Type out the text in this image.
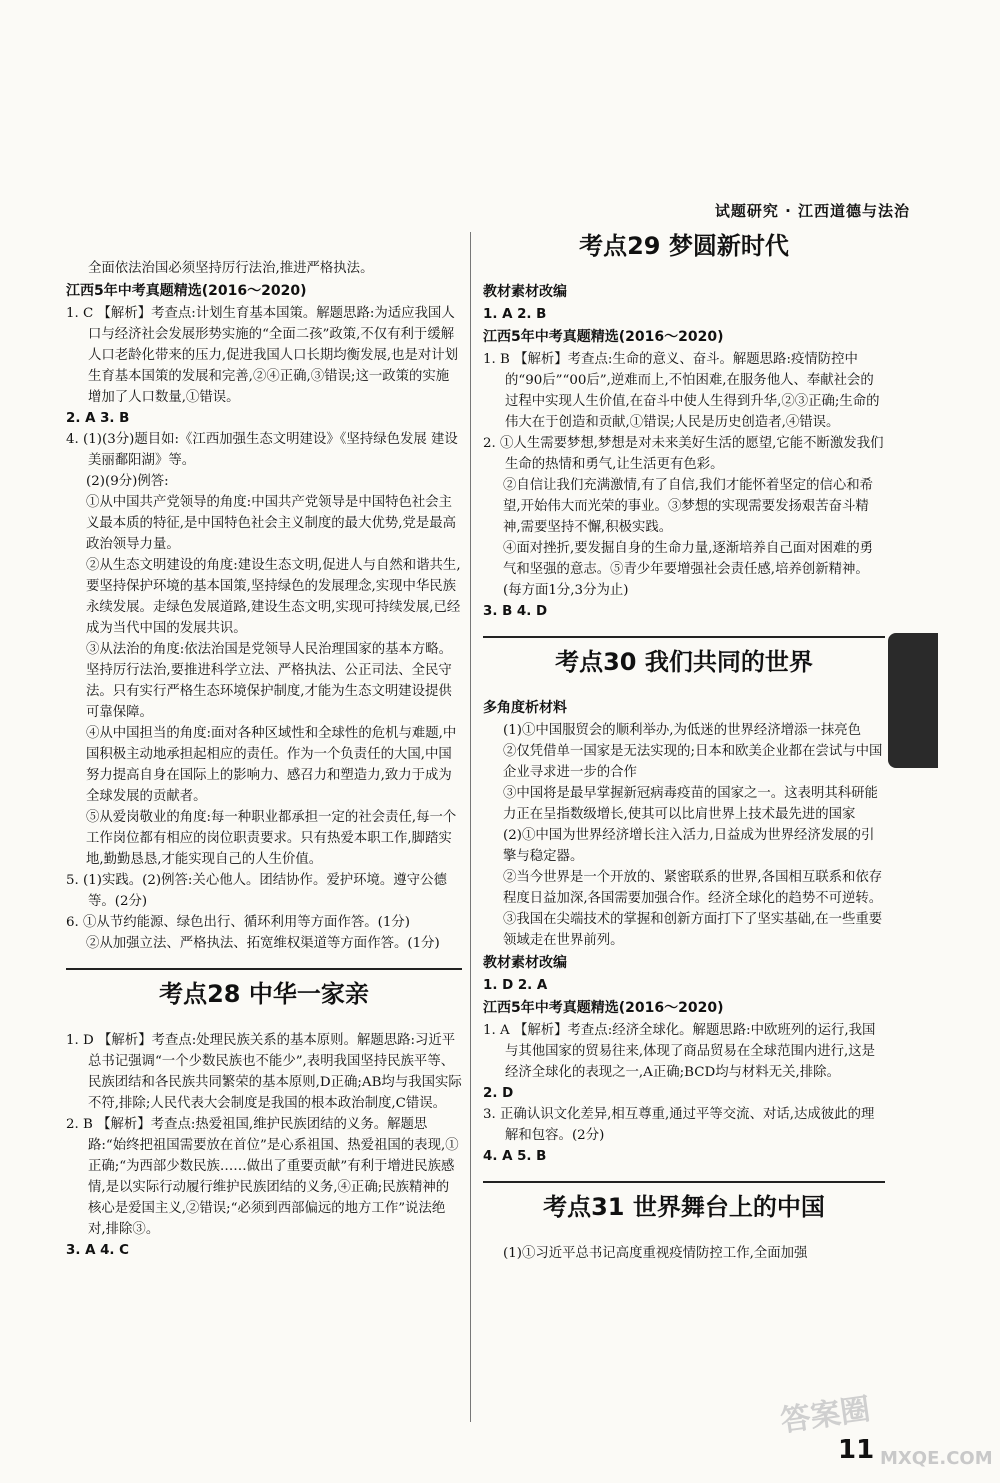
试题研究 · 江西道德与法治

全面依法治国必须坚持厉行法治,推进严格执法。

江西5年中考真题精选(2016～2020)

1. C 【解析】考查点:计划生育基本国策。解题思路:为适应我国人口与经济社会发展形势实施的“全面二孩”政策,不仅有利于缓解人口老龄化带来的压力,促进我国人口长期均衡发展,也是对计划生育基本国策的发展和完善,②④正确,③错误;这一政策的实施增加了人口数量,①错误。

2. A 3. B

4. (1)(3分)题目如:《江西加强生态文明建设》《坚持绿色发展 建设美丽鄱阳湖》等。

(2)(9分)例答:

①从中国共产党领导的角度:中国共产党领导是中国特色社会主义最本质的特征,是中国特色社会主义制度的最大优势,党是最高政治领导力量。

②从生态文明建设的角度:建设生态文明,促进人与自然和谐共生,要坚持保护环境的基本国策,坚持绿色的发展理念,实现中华民族永续发展。走绿色发展道路,建设生态文明,实现可持续发展,已经成为当代中国的发展共识。

③从法治的角度:依法治国是党领导人民治理国家的基本方略。坚持厉行法治,要推进科学立法、严格执法、公正司法、全民守法。只有实行严格生态环境保护制度,才能为生态文明建设提供可靠保障。

④从中国担当的角度:面对各种区域性和全球性的危机与难题,中国积极主动地承担起相应的责任。作为一个负责任的大国,中国努力提高自身在国际上的影响力、感召力和塑造力,致力于成为全球发展的贡献者。

⑤从爱岗敬业的角度:每一种职业都承担一定的社会责任,每一个工作岗位都有相应的岗位职责要求。只有热爱本职工作,脚踏实地,勤勤恳恳,才能实现自己的人生价值。

5. (1)实践。(2)例答:关心他人。团结协作。爱护环境。遵守公德等。(2分)

6. ①从节约能源、绿色出行、循环利用等方面作答。(1分)

②从加强立法、严格执法、拓宽维权渠道等方面作答。(1分)

考点28 中华一家亲

1. D 【解析】考查点:处理民族关系的基本原则。解题思路:习近平总书记强调“一个少数民族也不能少”,表明我国坚持民族平等、民族团结和各民族共同繁荣的基本原则,D正确;AB均与我国实际不符,排除;人民代表大会制度是我国的根本政治制度,C错误。

2. B 【解析】考查点:热爱祖国,维护民族团结的义务。解题思路:“始终把祖国需要放在首位”是心系祖国、热爱祖国的表现,①正确;“为西部少数民族……做出了重要贡献”有利于增进民族感情,是以实际行动履行维护民族团结的义务,④正确;民族精神的核心是爱国主义,②错误;“必须到西部偏远的地方工作”说法绝对,排除③。

3. A 4. C

考点29 梦圆新时代

教材素材改编

1. A 2. B

江西5年中考真题精选(2016～2020)

1. B 【解析】考查点:生命的意义、奋斗。解题思路:疫情防控中的“90后”“00后”,逆难而上,不怕困难,在服务他人、奉献社会的过程中实现人生价值,在奋斗中使人生得到升华,②③正确;生命的伟大在于创造和贡献,①错误;人民是历史创造者,④错误。

2. ①人生需要梦想,梦想是对未来美好生活的愿望,它能不断激发我们生命的热情和勇气,让生活更有色彩。

②自信让我们充满激情,有了自信,我们才能怀着坚定的信心和希望,开始伟大而光荣的事业。③梦想的实现需要发扬艰苦奋斗精神,需要坚持不懈,积极实践。

④面对挫折,要发掘自身的生命力量,逐渐培养自己面对困难的勇气和坚强的意志。⑤青少年要增强社会责任感,培养创新精神。(每方面1分,3分为止)

3. B 4. D

考点30 我们共同的世界

多角度析材料

(1)①中国服贸会的顺利举办,为低迷的世界经济增添一抹亮色

②仅凭借单一国家是无法实现的;日本和欧美企业都在尝试与中国企业寻求进一步的合作

③中国将是最早掌握新冠病毒疫苗的国家之一。这表明其科研能力正在呈指数级增长,使其可以比肩世界上技术最先进的国家

(2)①中国为世界经济增长注入活力,日益成为世界经济发展的引擎与稳定器。

②当今世界是一个开放的、紧密联系的世界,各国相互联系和依存程度日益加深,各国需要加强合作。经济全球化的趋势不可逆转。

③我国在尖端技术的掌握和创新方面打下了坚实基础,在一些重要领域走在世界前列。

教材素材改编

1. D 2. A

江西5年中考真题精选(2016～2020)

1. A 【解析】考查点:经济全球化。解题思路:中欧班列的运行,我国与其他国家的贸易往来,体现了商品贸易在全球范围内进行,这是经济全球化的表现之一,A正确;BCD均与材料无关,排除。

2. D

3. 正确认识文化差异,相互尊重,通过平等交流、对话,达成彼此的理解和包容。(2分)

4. A 5. B

考点31 世界舞台上的中国

(1)①习近平总书记高度重视疫情防控工作,全面加强

答案圈
MXQE.COM
11
